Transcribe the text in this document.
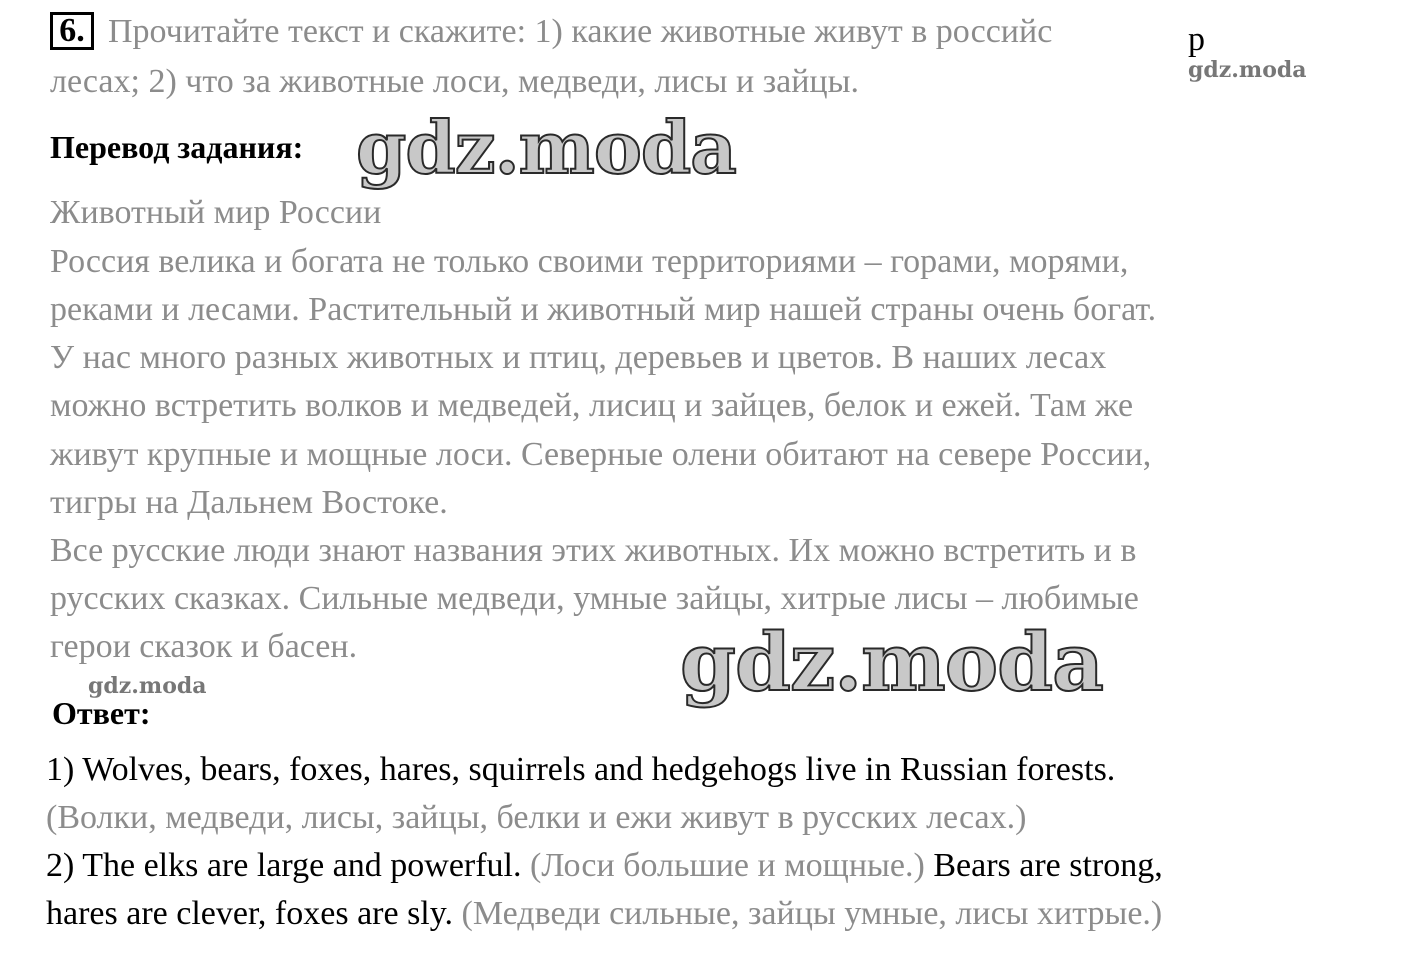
6. Прочитайте текст и скажите: 1) какие животные живут в российс	р
лесах; 2) что за животные лоси, медведи, лисы и зайцы.
Перевод задания:
Животный мир России
Россия велика и богата не только своими территориями – горами, морями,
реками и лесами. Растительный и животный мир нашей страны очень богат.
У нас много разных животных и птиц, деревьев и цветов. В наших лесах
можно встретить волков и медведей, лисиц и зайцев, белок и ежей. Там же
живут крупные и мощные лоси. Северные олени обитают на севере России,
тигры на Дальнем Востоке.
Все русские люди знают названия этих животных. Их можно встретить и в
русских сказках. Сильные медведи, умные зайцы, хитрые лисы – любимые
герои сказок и басен.
Ответ:
1) Wolves, bears, foxes, hares, squirrels and hedgehogs live in Russian forests.
(Волки, медведи, лисы, зайцы, белки и ежи живут в русских лесах.)
2) The elks are large and powerful. (Лоси большие и мощные.) Bears are strong,
hares are clever, foxes are sly. (Медведи сильные, зайцы умные, лисы хитрые.)
gdz.moda
gdz.moda
gdz.moda
gdz.moda
